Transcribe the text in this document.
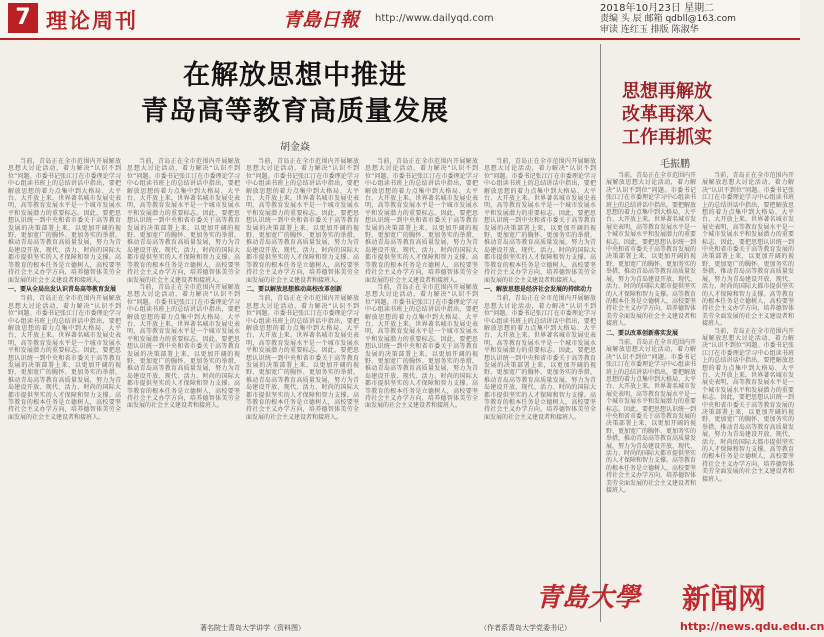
7 理论周刊	青島日報 http://www.dailyqd.com
2018年10月23日 星期二
责编 头 辰 邮箱 qdbll@163.com
审读 连红玉 排版 陈淑华
在解放思想中推进
青岛高等教育高质量发展
胡金焱
思想再解放
改革再深入
工作再抓实
毛振鹏

当前，青岛正在全市范围内开展解放思想大讨论活动，着力解决“认识不到位”问题。市委书记张江汀在市委理论学习中心组读书班上的总结讲话中指出，要把解放思想的着力点集中到大格局、大平台、大开放上来。世界著名城市发展史表明，高等教育发展水平是一个城市发展水平和发展潜力的重要标志。因此，要把思想认识统一到中央和省市委关于高等教育发展的决策部署上来，以更加开阔的视野、更加宽广的胸怀、更加务实的举措，推动青岛高等教育高质量发展，努力为青岛建设开放、现代、活力、时尚的国际大都市提供坚实的人才保障和智力支撑。高等教育的根本任务是立德树人，高校要坚持社会主义办学方向，培养德智体美劳全面发展的社会主义建设者和接班人。

一、要从全局出发认识青岛高等教育发展

当前，青岛正在全市范围内开展解放思想大讨论活动，着力解决“认识不到位”问题。市委书记张江汀在市委理论学习中心组读书班上的总结讲话中指出，要把解放思想的着力点集中到大格局、大平台、大开放上来。世界著名城市发展史表明，高等教育发展水平是一个城市发展水平和发展潜力的重要标志。因此，要把思想认识统一到中央和省市委关于高等教育发展的决策部署上来，以更加开阔的视野、更加宽广的胸怀、更加务实的举措，推动青岛高等教育高质量发展，努力为青岛建设开放、现代、活力、时尚的国际大都市提供坚实的人才保障和智力支撑。高等教育的根本任务是立德树人，高校要坚持社会主义办学方向，培养德智体美劳全面发展的社会主义建设者和接班人。

当前，青岛正在全市范围内开展解放思想大讨论活动，着力解决“认识不到位”问题。市委书记张江汀在市委理论学习中心组读书班上的总结讲话中指出，要把解放思想的着力点集中到大格局、大平台、大开放上来。世界著名城市发展史表明，高等教育发展水平是一个城市发展水平和发展潜力的重要标志。因此，要把思想认识统一到中央和省市委关于高等教育发展的决策部署上来，以更加开阔的视野、更加宽广的胸怀、更加务实的举措，推动青岛高等教育高质量发展，努力为青岛建设开放、现代、活力、时尚的国际大都市提供坚实的人才保障和智力支撑。高等教育的根本任务是立德树人，高校要坚持社会主义办学方向，培养德智体美劳全面发展的社会主义建设者和接班人。

当前，青岛正在全市范围内开展解放思想大讨论活动，着力解决“认识不到位”问题。市委书记张江汀在市委理论学习中心组读书班上的总结讲话中指出，要把解放思想的着力点集中到大格局、大平台、大开放上来。世界著名城市发展史表明，高等教育发展水平是一个城市发展水平和发展潜力的重要标志。因此，要把思想认识统一到中央和省市委关于高等教育发展的决策部署上来，以更加开阔的视野、更加宽广的胸怀、更加务实的举措，推动青岛高等教育高质量发展，努力为青岛建设开放、现代、活力、时尚的国际大都市提供坚实的人才保障和智力支撑。高等教育的根本任务是立德树人，高校要坚持社会主义办学方向，培养德智体美劳全面发展的社会主义建设者和接班人。

当前，青岛正在全市范围内开展解放思想大讨论活动，着力解决“认识不到位”问题。市委书记张江汀在市委理论学习中心组读书班上的总结讲话中指出，要把解放思想的着力点集中到大格局、大平台、大开放上来。世界著名城市发展史表明，高等教育发展水平是一个城市发展水平和发展潜力的重要标志。因此，要把思想认识统一到中央和省市委关于高等教育发展的决策部署上来，以更加开阔的视野、更加宽广的胸怀、更加务实的举措，推动青岛高等教育高质量发展，努力为青岛建设开放、现代、活力、时尚的国际大都市提供坚实的人才保障和智力支撑。高等教育的根本任务是立德树人，高校要坚持社会主义办学方向，培养德智体美劳全面发展的社会主义建设者和接班人。

二、要以解放思想推动高校改革创新

当前，青岛正在全市范围内开展解放思想大讨论活动，着力解决“认识不到位”问题。市委书记张江汀在市委理论学习中心组读书班上的总结讲话中指出，要把解放思想的着力点集中到大格局、大平台、大开放上来。世界著名城市发展史表明，高等教育发展水平是一个城市发展水平和发展潜力的重要标志。因此，要把思想认识统一到中央和省市委关于高等教育发展的决策部署上来，以更加开阔的视野、更加宽广的胸怀、更加务实的举措，推动青岛高等教育高质量发展，努力为青岛建设开放、现代、活力、时尚的国际大都市提供坚实的人才保障和智力支撑。高等教育的根本任务是立德树人，高校要坚持社会主义办学方向，培养德智体美劳全面发展的社会主义建设者和接班人。

当前，青岛正在全市范围内开展解放思想大讨论活动，着力解决“认识不到位”问题。市委书记张江汀在市委理论学习中心组读书班上的总结讲话中指出，要把解放思想的着力点集中到大格局、大平台、大开放上来。世界著名城市发展史表明，高等教育发展水平是一个城市发展水平和发展潜力的重要标志。因此，要把思想认识统一到中央和省市委关于高等教育发展的决策部署上来，以更加开阔的视野、更加宽广的胸怀、更加务实的举措，推动青岛高等教育高质量发展，努力为青岛建设开放、现代、活力、时尚的国际大都市提供坚实的人才保障和智力支撑。高等教育的根本任务是立德树人，高校要坚持社会主义办学方向，培养德智体美劳全面发展的社会主义建设者和接班人。

当前，青岛正在全市范围内开展解放思想大讨论活动，着力解决“认识不到位”问题。市委书记张江汀在市委理论学习中心组读书班上的总结讲话中指出，要把解放思想的着力点集中到大格局、大平台、大开放上来。世界著名城市发展史表明，高等教育发展水平是一个城市发展水平和发展潜力的重要标志。因此，要把思想认识统一到中央和省市委关于高等教育发展的决策部署上来，以更加开阔的视野、更加宽广的胸怀、更加务实的举措，推动青岛高等教育高质量发展，努力为青岛建设开放、现代、活力、时尚的国际大都市提供坚实的人才保障和智力支撑。高等教育的根本任务是立德树人，高校要坚持社会主义办学方向，培养德智体美劳全面发展的社会主义建设者和接班人。

当前，青岛正在全市范围内开展解放思想大讨论活动，着力解决“认识不到位”问题。市委书记张江汀在市委理论学习中心组读书班上的总结讲话中指出，要把解放思想的着力点集中到大格局、大平台、大开放上来。世界著名城市发展史表明，高等教育发展水平是一个城市发展水平和发展潜力的重要标志。因此，要把思想认识统一到中央和省市委关于高等教育发展的决策部署上来，以更加开阔的视野、更加宽广的胸怀、更加务实的举措，推动青岛高等教育高质量发展，努力为青岛建设开放、现代、活力、时尚的国际大都市提供坚实的人才保障和智力支撑。高等教育的根本任务是立德树人，高校要坚持社会主义办学方向，培养德智体美劳全面发展的社会主义建设者和接班人。

一、解放思想是经济社会发展的持续动力

当前，青岛正在全市范围内开展解放思想大讨论活动，着力解决“认识不到位”问题。市委书记张江汀在市委理论学习中心组读书班上的总结讲话中指出，要把解放思想的着力点集中到大格局、大平台、大开放上来。世界著名城市发展史表明，高等教育发展水平是一个城市发展水平和发展潜力的重要标志。因此，要把思想认识统一到中央和省市委关于高等教育发展的决策部署上来，以更加开阔的视野、更加宽广的胸怀、更加务实的举措，推动青岛高等教育高质量发展，努力为青岛建设开放、现代、活力、时尚的国际大都市提供坚实的人才保障和智力支撑。高等教育的根本任务是立德树人，高校要坚持社会主义办学方向，培养德智体美劳全面发展的社会主义建设者和接班人。

当前，青岛正在全市范围内开展解放思想大讨论活动，着力解决“认识不到位”问题。市委书记张江汀在市委理论学习中心组读书班上的总结讲话中指出，要把解放思想的着力点集中到大格局、大平台、大开放上来。世界著名城市发展史表明，高等教育发展水平是一个城市发展水平和发展潜力的重要标志。因此，要把思想认识统一到中央和省市委关于高等教育发展的决策部署上来，以更加开阔的视野、更加宽广的胸怀、更加务实的举措，推动青岛高等教育高质量发展，努力为青岛建设开放、现代、活力、时尚的国际大都市提供坚实的人才保障和智力支撑。高等教育的根本任务是立德树人，高校要坚持社会主义办学方向，培养德智体美劳全面发展的社会主义建设者和接班人。

二、要以改革创新落实发展

当前，青岛正在全市范围内开展解放思想大讨论活动，着力解决“认识不到位”问题。市委书记张江汀在市委理论学习中心组读书班上的总结讲话中指出，要把解放思想的着力点集中到大格局、大平台、大开放上来。世界著名城市发展史表明，高等教育发展水平是一个城市发展水平和发展潜力的重要标志。因此，要把思想认识统一到中央和省市委关于高等教育发展的决策部署上来，以更加开阔的视野、更加宽广的胸怀、更加务实的举措，推动青岛高等教育高质量发展，努力为青岛建设开放、现代、活力、时尚的国际大都市提供坚实的人才保障和智力支撑。高等教育的根本任务是立德树人，高校要坚持社会主义办学方向，培养德智体美劳全面发展的社会主义建设者和接班人。

当前，青岛正在全市范围内开展解放思想大讨论活动，着力解决“认识不到位”问题。市委书记张江汀在市委理论学习中心组读书班上的总结讲话中指出，要把解放思想的着力点集中到大格局、大平台、大开放上来。世界著名城市发展史表明，高等教育发展水平是一个城市发展水平和发展潜力的重要标志。因此，要把思想认识统一到中央和省市委关于高等教育发展的决策部署上来，以更加开阔的视野、更加宽广的胸怀、更加务实的举措，推动青岛高等教育高质量发展，努力为青岛建设开放、现代、活力、时尚的国际大都市提供坚实的人才保障和智力支撑。高等教育的根本任务是立德树人，高校要坚持社会主义办学方向，培养德智体美劳全面发展的社会主义建设者和接班人。

当前，青岛正在全市范围内开展解放思想大讨论活动，着力解决“认识不到位”问题。市委书记张江汀在市委理论学习中心组读书班上的总结讲话中指出，要把解放思想的着力点集中到大格局、大平台、大开放上来。世界著名城市发展史表明，高等教育发展水平是一个城市发展水平和发展潜力的重要标志。因此，要把思想认识统一到中央和省市委关于高等教育发展的决策部署上来，以更加开阔的视野、更加宽广的胸怀、更加务实的举措，推动青岛高等教育高质量发展，努力为青岛建设开放、现代、活力、时尚的国际大都市提供坚实的人才保障和智力支撑。高等教育的根本任务是立德树人，高校要坚持社会主义办学方向，培养德智体美劳全面发展的社会主义建设者和接班人。

著名院士青岛大学讲学（资料图）	（作者系青岛大学党委书记）
青島大學 新闻网
http://news.qdu.edu.cn
